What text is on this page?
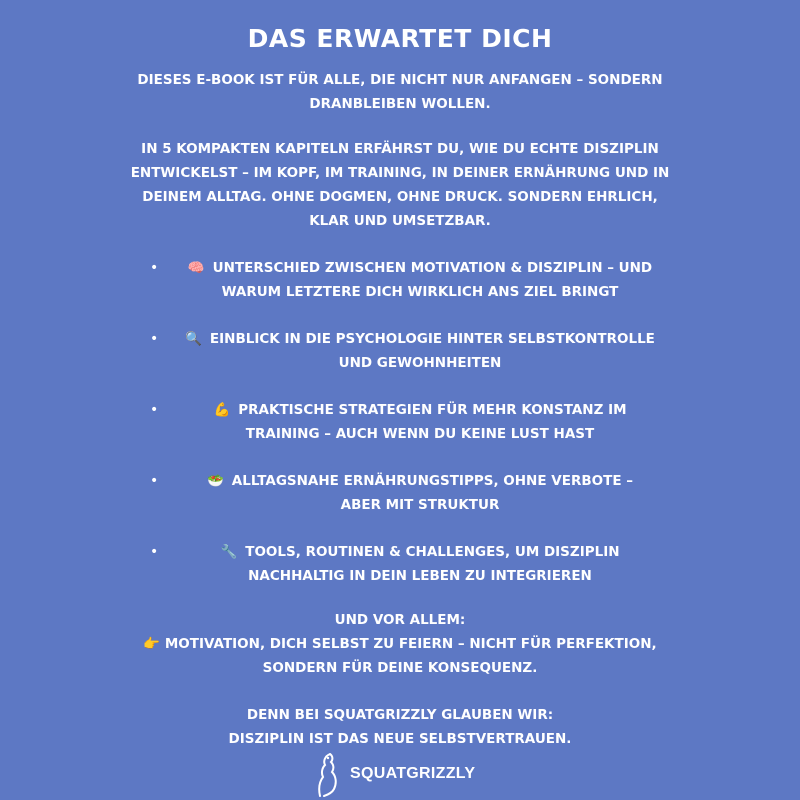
DAS ERWARTET DICH
DIESES E-BOOK IST FÜR ALLE, DIE NICHT NUR ANFANGEN – SONDERN DRANBLEIBEN WOLLEN.
IN 5 KOMPAKTEN KAPITELN ERFÄHRST DU, WIE DU ECHTE DISZIPLIN ENTWICKELST – IM KOPF, IM TRAINING, IN DEINER ERNÄHRUNG UND IN DEINEM ALLTAG. OHNE DOGMEN, OHNE DRUCK. SONDERN EHRLICH, KLAR UND UMSETZBAR.
• 🧠 UNTERSCHIED ZWISCHEN MOTIVATION & DISZIPLIN – UND WARUM LETZTERE DICH WIRKLICH ANS ZIEL BRINGT
• 🔍 EINBLICK IN DIE PSYCHOLOGIE HINTER SELBSTKONTROLLE UND GEWOHNHEITEN
•	💪 PRAKTISCHE STRATEGIEN FÜR MEHR KONSTANZ IM TRAINING – AUCH WENN DU KEINE LUST HAST
•	🥗 ALLTAGSNAHE ERNÄHRUNGSTIPPS, OHNE VERBOTE – ABER MIT STRUKTUR
•	🔧 TOOLS, ROUTINEN & CHALLENGES, UM DISZIPLIN NACHHALTIG IN DEIN LEBEN ZU INTEGRIEREN
UND VOR ALLEM:
👉 MOTIVATION, DICH SELBST ZU FEIERN – NICHT FÜR PERFEKTION, SONDERN FÜR DEINE KONSEQUENZ.
DENN BEI SQUATGRIZZLY GLAUBEN WIR:
DISZIPLIN IST DAS NEUE SELBSTVERTRAUEN.
SQUATGRIZZLY
